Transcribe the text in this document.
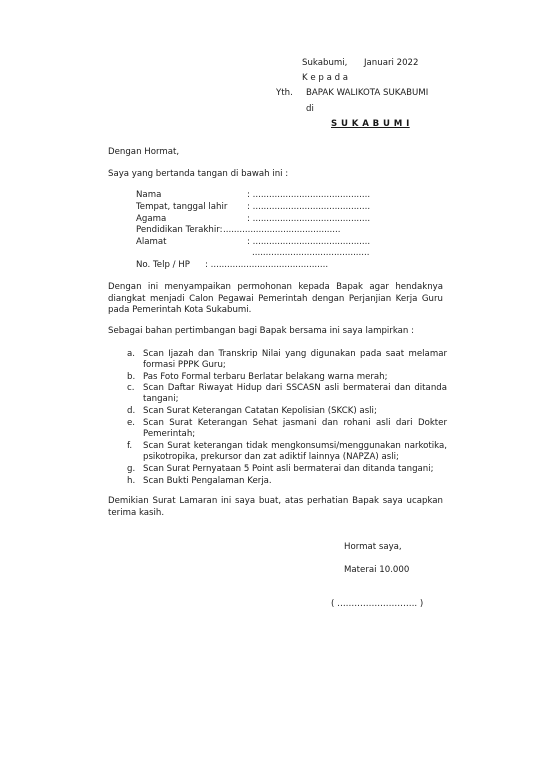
Sukabumi, Januari 2022
K e p a d a
Yth. BAPAK WALIKOTA SUKABUMI
di
S U K A B U M I
Dengan Hormat,
Saya yang bertanda tangan di bawah ini :
Nama	: ...........................................
Tempat, tanggal lahir : ...........................................
Agama	: ...........................................
Pendidikan Terakhir: ...........................................
Alamat	: ...........................................
...........................................
No. Telp / HP : ...........................................
Dengan ini menyampaikan permohonan kepada Bapak agar hendaknya diangkat menjadi Calon Pegawai Pemerintah dengan Perjanjian Kerja Guru pada Pemerintah Kota Sukabumi.
Sebagai bahan pertimbangan bagi Bapak bersama ini saya lampirkan :
a. Scan Ijazah dan Transkrip Nilai yang digunakan pada saat melamar formasi PPPK Guru;
b. Pas Foto Formal terbaru Berlatar belakang warna merah;
c. Scan Daftar Riwayat Hidup dari SSCASN asli bermaterai dan ditanda tangani;
d. Scan Surat Keterangan Catatan Kepolisian (SKCK) asli;
e. Scan Surat Keterangan Sehat jasmani dan rohani asli dari Dokter Pemerintah;
f. Scan Surat keterangan tidak mengkonsumsi/menggunakan narkotika, psikotropika, prekursor dan zat adiktif lainnya (NAPZA) asli;
g. Scan Surat Pernyataan 5 Point asli bermaterai dan ditanda tangani;
h. Scan Bukti Pengalaman Kerja.
Demikian Surat Lamaran ini saya buat, atas perhatian Bapak saya ucapkan terima kasih.
Hormat saya,
Materai 10.000
( ………………………. )
